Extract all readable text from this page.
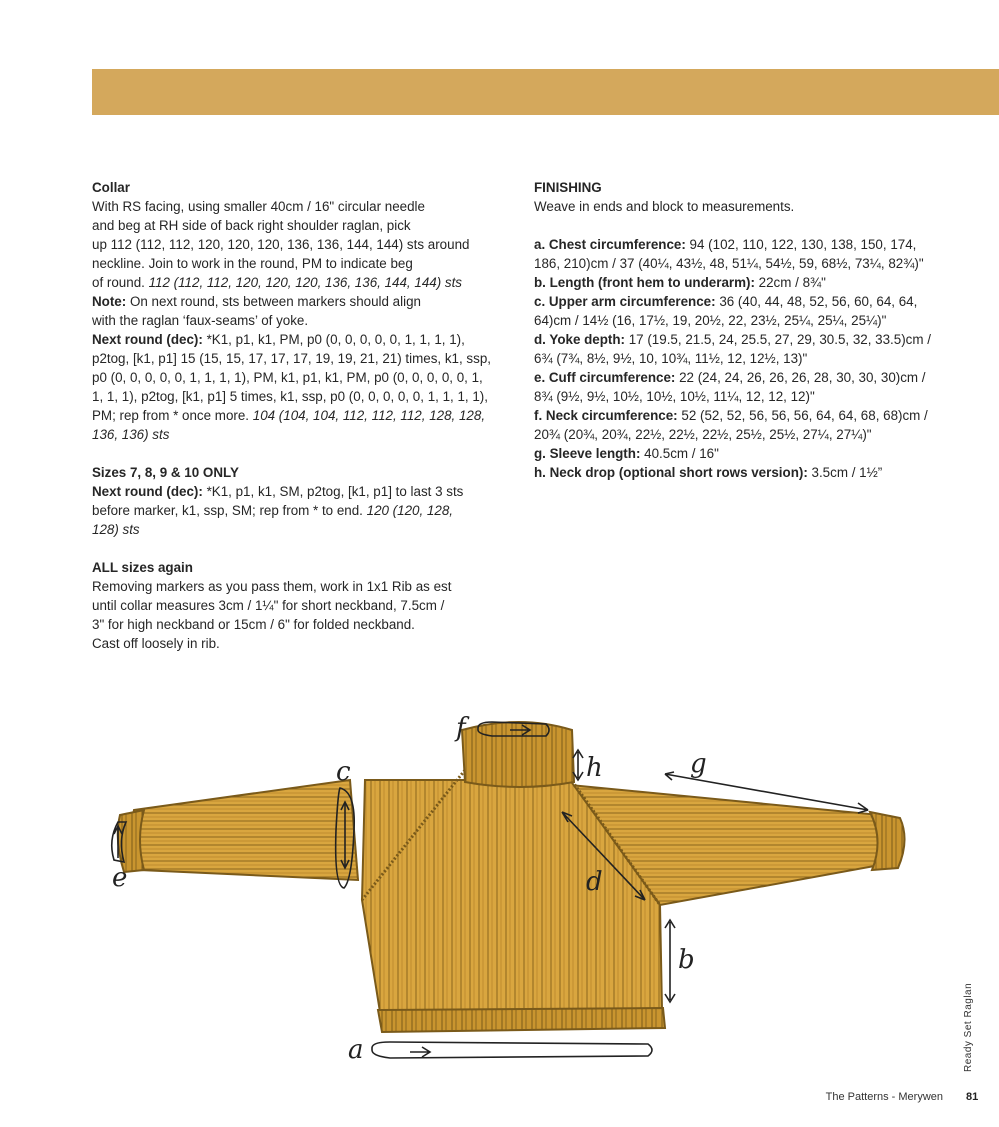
Collar

With RS facing, using smaller 40cm / 16" circular needle

and beg at RH side of back right shoulder raglan, pick

up 112 (112, 112, 120, 120, 120, 136, 136, 144, 144) sts around

neckline. Join to work in the round, PM to indicate beg

of round. 112 (112, 112, 120, 120, 120, 136, 136, 144, 144) sts

Note: On next round, sts between markers should align

with the raglan ‘faux-seams’ of yoke.

Next round (dec): *K1, p1, k1, PM, p0 (0, 0, 0, 0, 0, 1, 1, 1, 1),

p2tog, [k1, p1] 15 (15, 15, 17, 17, 17, 19, 19, 21, 21) times, k1, ssp,

p0 (0, 0, 0, 0, 0, 1, 1, 1, 1), PM, k1, p1, k1, PM, p0 (0, 0, 0, 0, 0, 1,

1, 1, 1), p2tog, [k1, p1] 5 times, k1, ssp, p0 (0, 0, 0, 0, 0, 1, 1, 1, 1),

PM; rep from * once more. 104 (104, 104, 112, 112, 112, 128, 128,

136, 136) sts

Sizes 7, 8, 9 & 10 ONLY

Next round (dec): *K1, p1, k1, SM, p2tog, [k1, p1] to last 3 sts

before marker, k1, ssp, SM; rep from * to end. 120 (120, 128,

128) sts

ALL sizes again

Removing markers as you pass them, work in 1x1 Rib as est

until collar measures 3cm / 1¼" for short neckband, 7.5cm /

3" for high neckband or 15cm / 6" for folded neckband.

Cast off loosely in rib.

FINISHING

Weave in ends and block to measurements.

a. Chest circumference: 94 (102, 110, 122, 130, 138, 150, 174,

186, 210)cm / 37 (40¼, 43½, 48, 51¼, 54½, 59, 68½, 73¼, 82¾)"

b. Length (front hem to underarm): 22cm / 8¾"

c. Upper arm circumference: 36 (40, 44, 48, 52, 56, 60, 64, 64,

64)cm / 14½ (16, 17½, 19, 20½, 22, 23½, 25¼, 25¼, 25¼)"

d. Yoke depth: 17 (19.5, 21.5, 24, 25.5, 27, 29, 30.5, 32, 33.5)cm /

6¾ (7¾, 8½, 9½, 10, 10¾, 11½, 12, 12½, 13)"

e. Cuff circumference: 22 (24, 24, 26, 26, 26, 28, 30, 30, 30)cm /

8¾ (9½, 9½, 10½, 10½, 10½, 11¼, 12, 12, 12)"

f. Neck circumference: 52 (52, 52, 56, 56, 56, 64, 64, 68, 68)cm /

20¾ (20¾, 20¾, 22½, 22½, 22½, 25½, 25½, 27¼, 27¼)"

g. Sleeve length: 40.5cm / 16"

h. Neck drop (optional short rows version): 3.5cm / 1½”

a
b
c
d
e
f
g
h
Ready Set Raglan
The Patterns - Merywen 81
